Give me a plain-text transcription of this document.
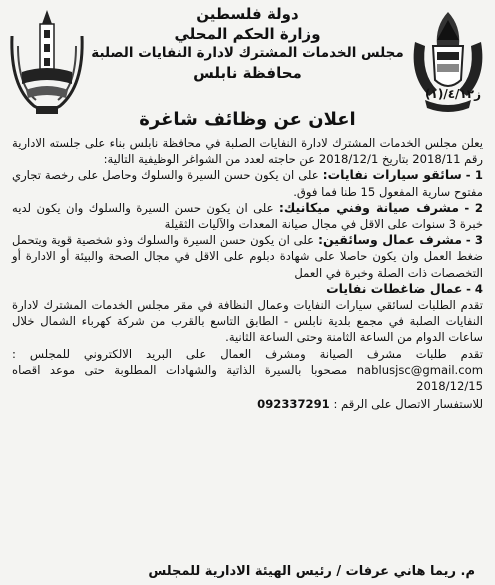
دولة فلسطين
وزارة الحكم المحلي
مجلس الخدمات المشترك لادارة النفايات الصلبة
محافظة نابلس
ز٤/١٢/(١)
اعلان عن وظائف شاغرة

يعلن مجلس الخدمات المشترك لادارة النفايات الصلبة في محافظة نابلس بناء على جلسته الادارية رقم 2018/11 بتاريخ 2018/12/1 عن حاجته لعدد من الشواغر الوظيفية التالية:

1 - سائقو سيارات نفايات: على ان يكون حسن السيرة والسلوك وحاصل على رخصة تجاري مفتوح سارية المفعول 15 طنا فما فوق.

2 - مشرف صيانة وفني ميكانيك: على ان يكون حسن السيرة والسلوك وان يكون لديه خبرة 3 سنوات على الاقل في مجال صيانة المعدات والآليات الثقيلة

3 - مشرف عمال وسائقين: على ان يكون حسن السيرة والسلوك وذو شخصية قوية ويتحمل ضغط العمل وان يكون حاصلا على شهادة دبلوم على الاقل في مجال الصحة والبيئة أو الادارة أو التخصصات ذات الصلة وخبرة في العمل

4 - عمال ضاغطات نفايات

تقدم الطلبات لسائقي سيارات النفايات وعمال النظافة في مقر مجلس الخدمات المشترك لادارة النفايات الصلبة في مجمع بلدية نابلس - الطابق التاسع بالقرب من شركة كهرباء الشمال خلال ساعات الدوام من الساعة الثامنة وحتى الساعة الثانية.

تقدم طلبات مشرف الصيانة ومشرف العمال على البريد الالكتروني للمجلس : nablusjsc@gmail.com مصحوبا بالسيرة الذاتية والشهادات المطلوبة حتى موعد اقصاه 2018/12/15

للاستفسار الاتصال على الرقم : 092337291
م. ريما هاني عرفات / رئيس الهيئة الادارية للمجلس
